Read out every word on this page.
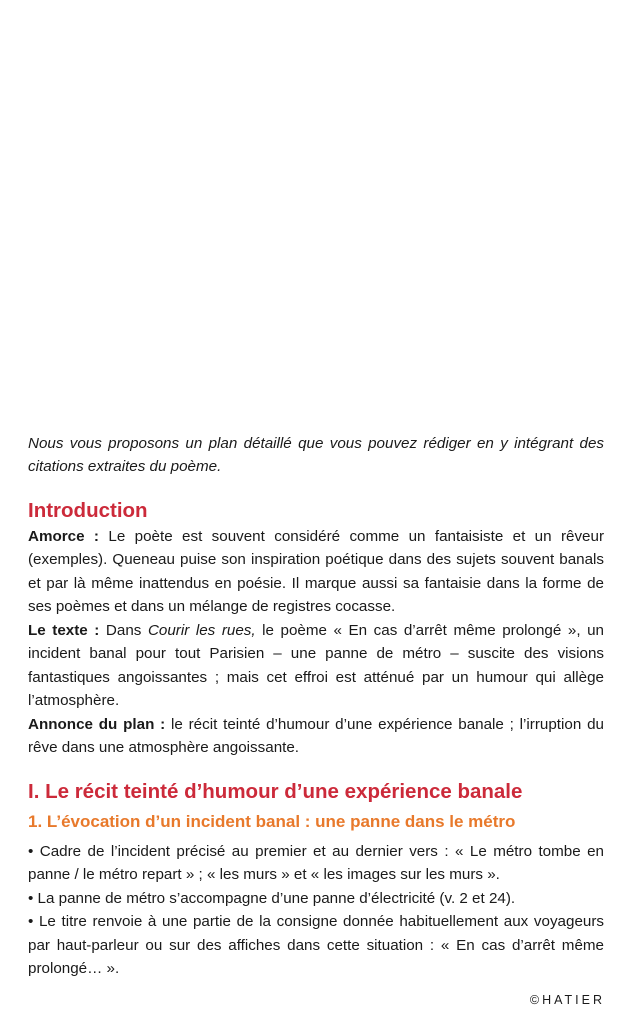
Nous vous proposons un plan détaillé que vous pouvez rédiger en y intégrant des citations extraites du poème.

Introduction

Amorce : Le poète est souvent considéré comme un fantaisiste et un rêveur (exemples). Queneau puise son inspiration poétique dans des sujets souvent banals et par là même inattendus en poésie. Il marque aussi sa fantaisie dans la forme de ses poèmes et dans un mélange de registres cocasse.

Le texte : Dans Courir les rues, le poème « En cas d’arrêt même prolongé », un incident banal pour tout Parisien – une panne de métro – suscite des visions fantastiques angoissantes ; mais cet effroi est atténué par un humour qui allège l’atmosphère.

Annonce du plan : le récit teinté d’humour d’une expérience banale ; l’irruption du rêve dans une atmosphère angoissante.

I. Le récit teinté d’humour d’une expérience banale
1. L’évocation d’un incident banal : une panne dans le métro
• Cadre de l’incident précisé au premier et au dernier vers : « Le métro tombe en panne / le métro repart » ; « les murs » et « les images sur les murs ».
• La panne de métro s’accompagne d’une panne d’électricité (v. 2 et 24).
• Le titre renvoie à une partie de la consigne donnée habituellement aux voyageurs par haut-parleur ou sur des affiches dans cette situation : « En cas d’arrêt même prolongé… ».
©HATIER
